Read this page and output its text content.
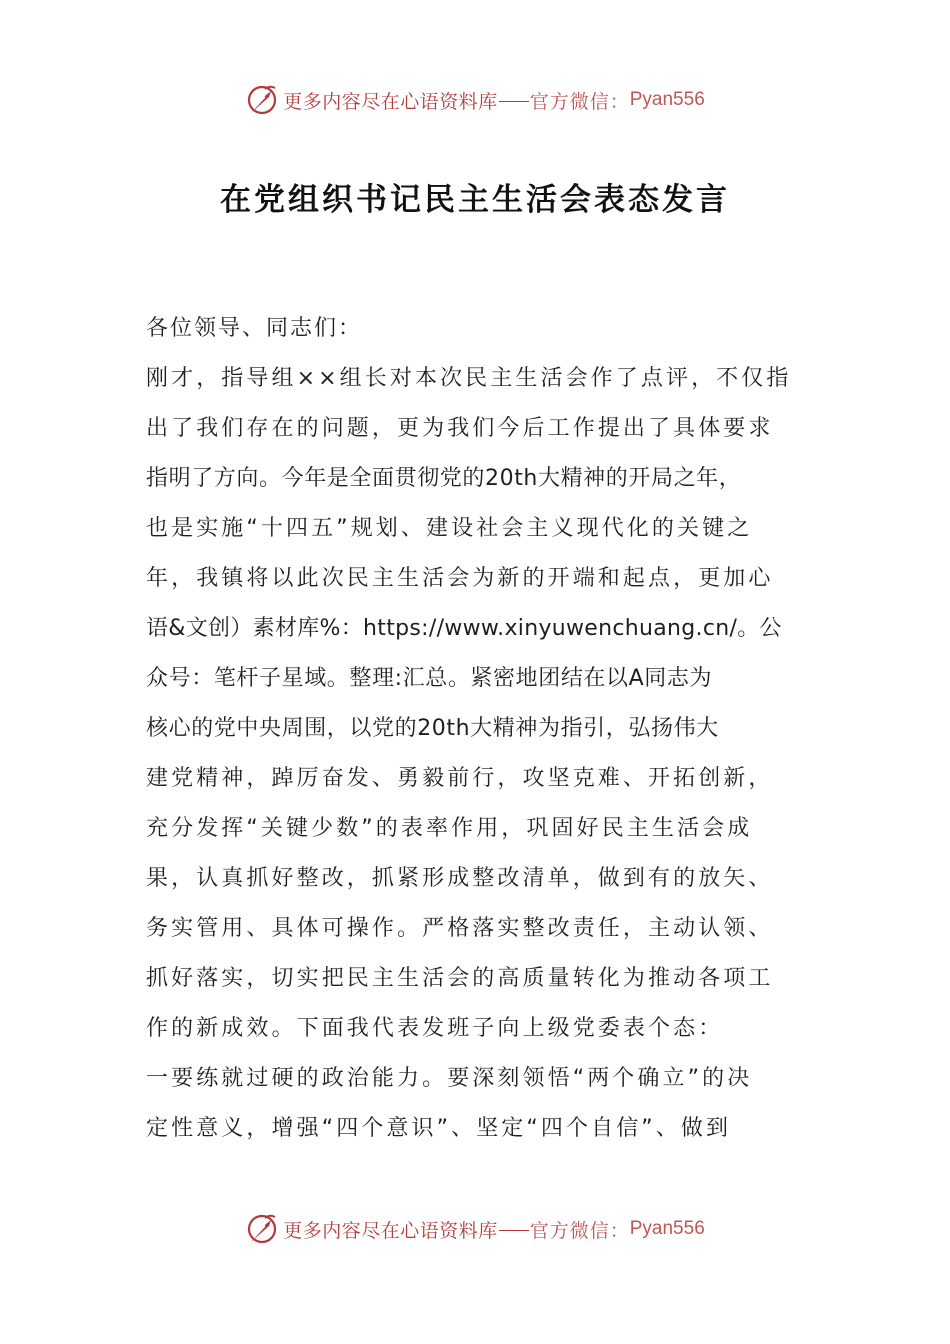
更多内容尽在心语资料库 官方微信： Pyan556
在党组织书记民主生活会表态发言
各位领导、同志们：
刚才，指导组××组长对本次民主生活会作了点评，不仅指
出了我们存在的问题，更为我们今后工作提出了具体要求
指明了方向。今年是全面贯彻党的20th大精神的开局之年，
也是实施“十四五”规划、建设社会主义现代化的关键之
年，我镇将以此次民主生活会为新的开端和起点，更加心
语&文创）素材库%：https://www.xinyuwenchuang.cn/。公
众号：笔杆子星域。整理:汇总。紧密地团结在以A同志为
核心的党中央周围，以党的20th大精神为指引，弘扬伟大
建党精神，踔厉奋发、勇毅前行，攻坚克难、开拓创新，
充分发挥“关键少数”的表率作用，巩固好民主生活会成
果，认真抓好整改，抓紧形成整改清单，做到有的放矢、
务实管用、具体可操作。严格落实整改责任，主动认领、
抓好落实，切实把民主生活会的高质量转化为推动各项工
作的新成效。下面我代表发班子向上级党委表个态：
一要练就过硬的政治能力。要深刻领悟“两个确立”的决
定性意义，增强“四个意识”、坚定“四个自信”、做到
更多内容尽在心语资料库 官方微信： Pyan556
